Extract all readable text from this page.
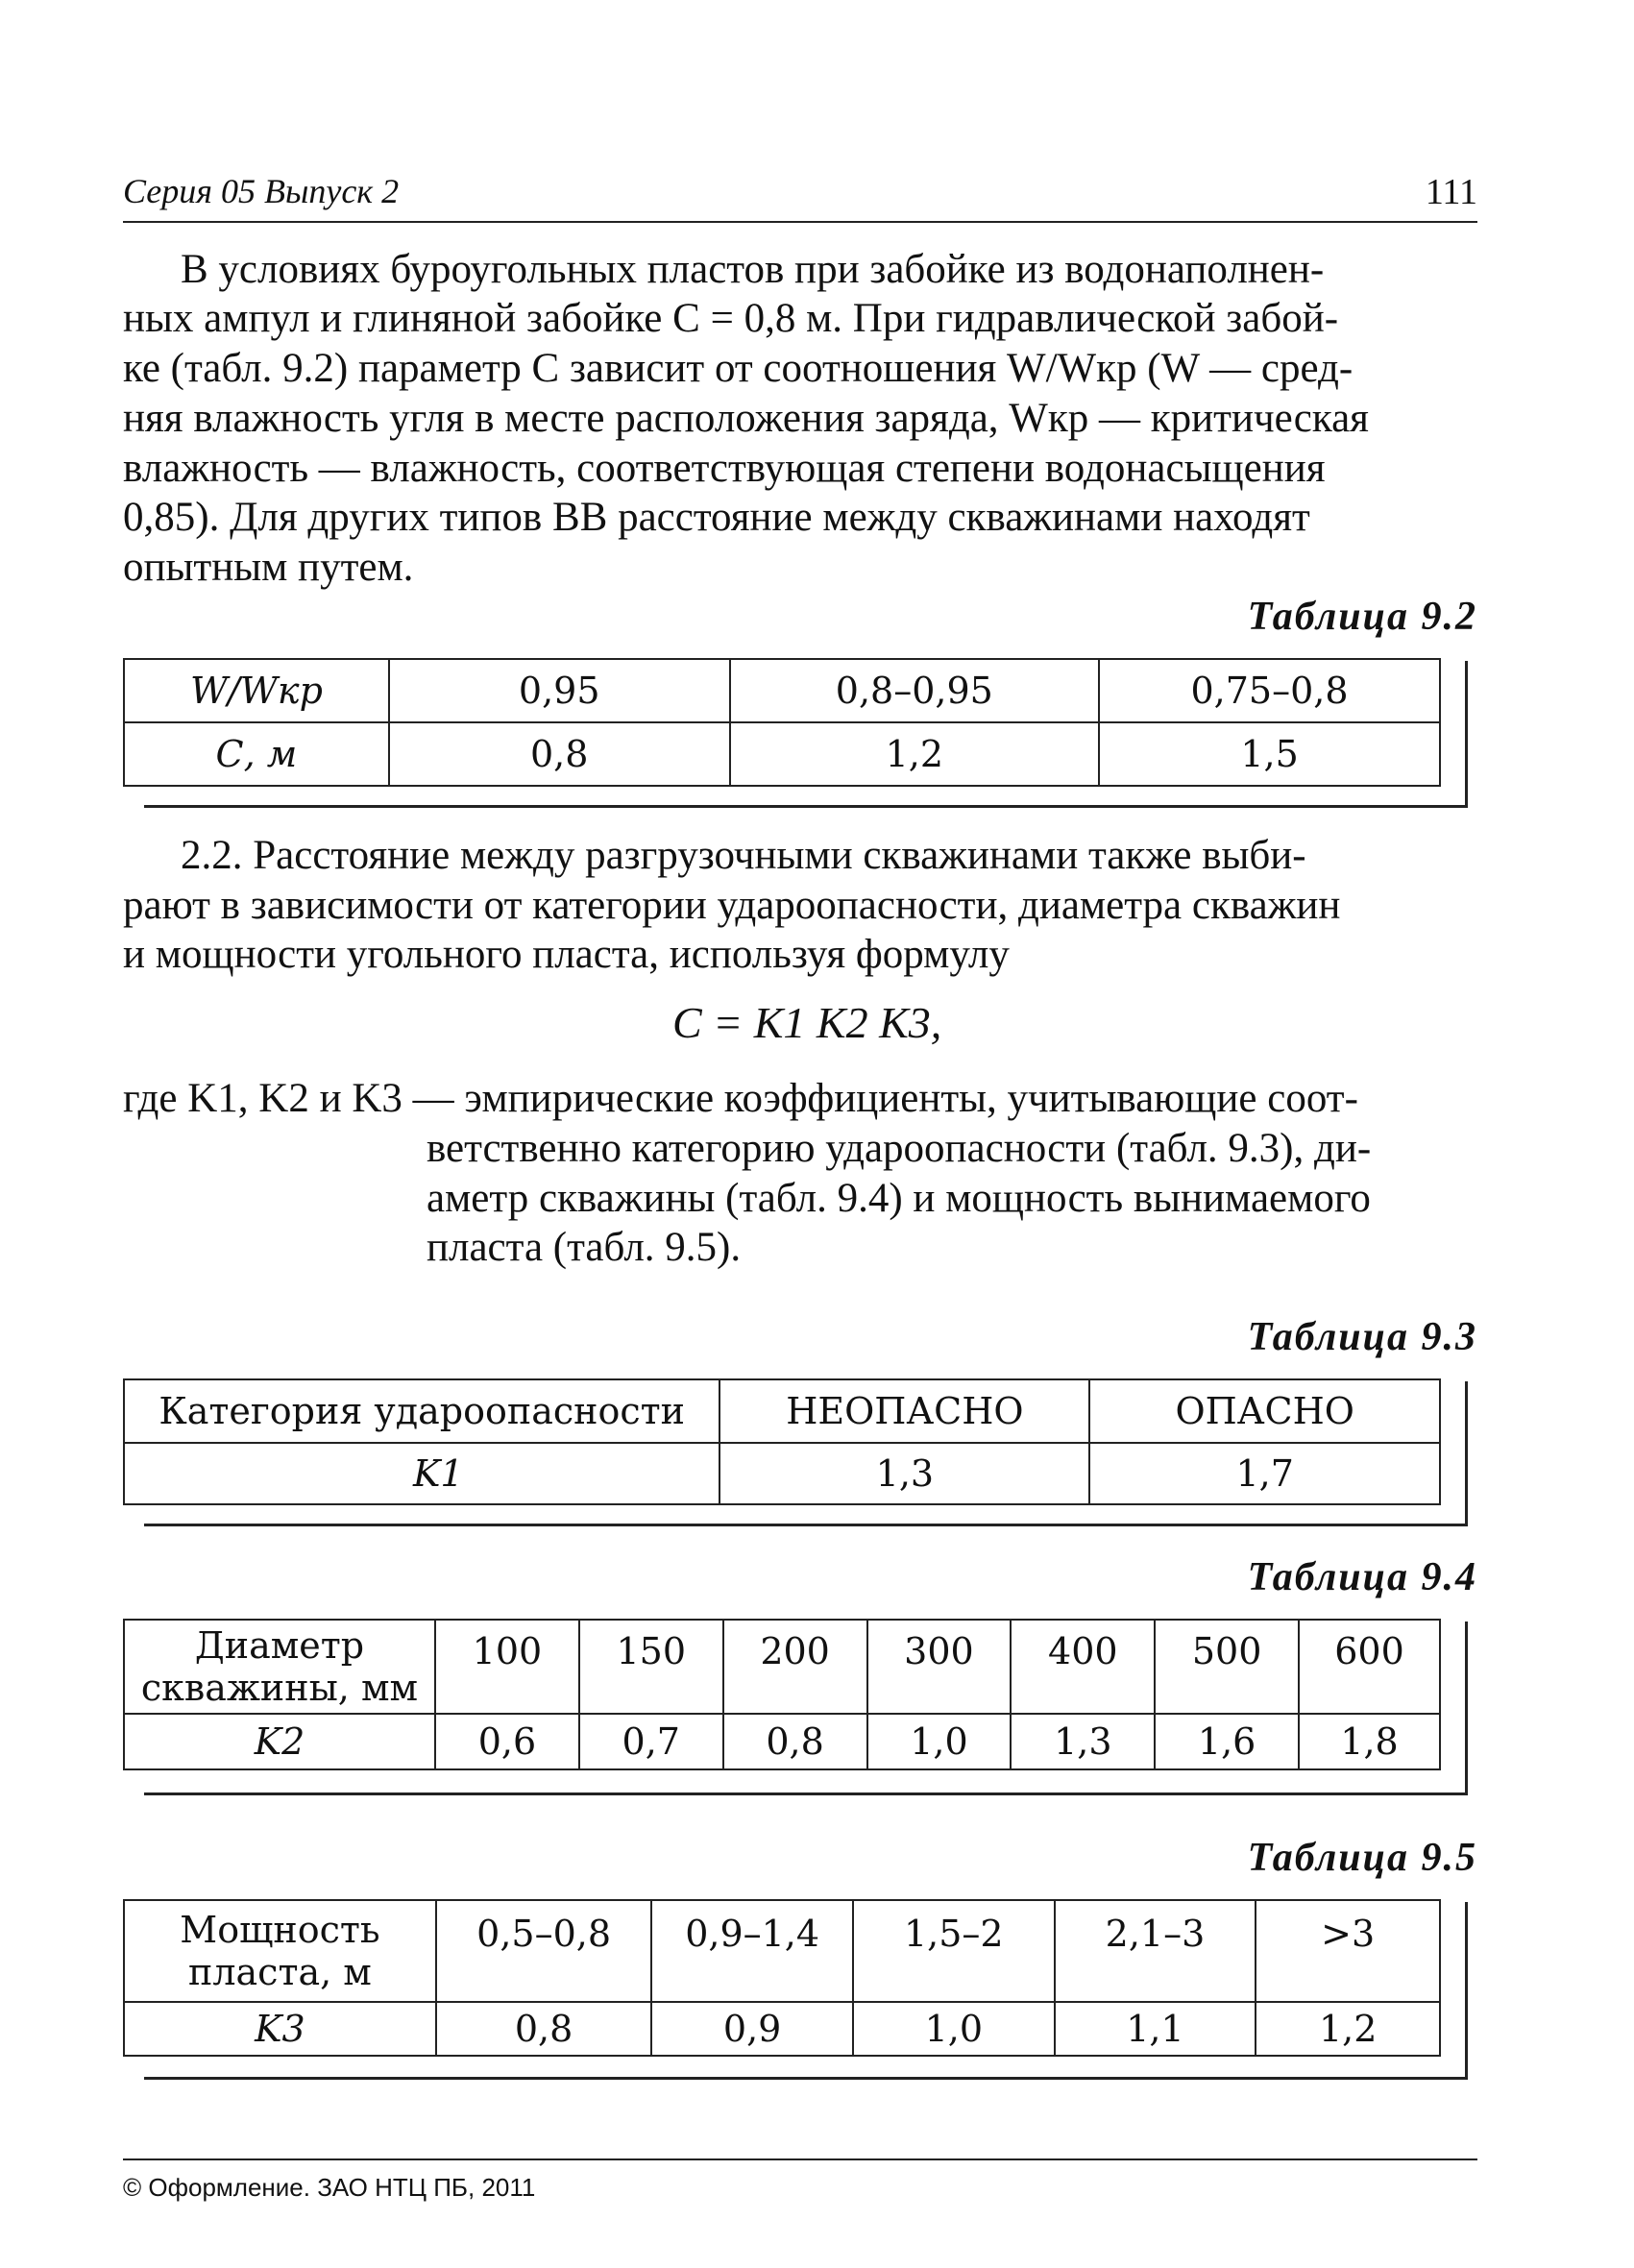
Серия 05 Выпуск 2	111
В условиях буроугольных пластов при забойке из водонаполнен-
ных ампул и глиняной забойке С = 0,8 м. При гидравлической забой-
ке (табл. 9.2) параметр С зависит от соотношения W/Wкр (W — сред-
няя влажность угля в месте расположения заряда, Wкр — критическая
влажность — влажность, соответствующая степени водонасыщения
0,85). Для других типов ВВ расстояние между скважинами находят
опытным путем.
Таблица 9.2
W/Wкр	0,95	0,8–0,95	0,75–0,8
С, м	0,8	1,2	1,5
2.2. Расстояние между разгрузочными скважинами также выби-
рают в зависимости от категории удароопасности, диаметра скважин
и мощности угольного пласта, используя формулу
C = K1 K2 K3,
где K1, K2 и K3 — эмпирические коэффициенты, учитывающие соот-
ветственно категорию удароопасности (табл. 9.3), ди-
аметр скважины (табл. 9.4) и мощность вынимаемого
пласта (табл. 9.5).
Таблица 9.3
Категория удароопасности	НЕОПАСНО	ОПАСНО
K1	1,3	1,7
Таблица 9.4
Диаметр
скважины, мм	100	150	200	300	400	500	600
K2	0,6	0,7	0,8	1,0	1,3	1,6	1,8
Таблица 9.5
Мощность
пласта, м	0,5–0,8	0,9–1,4	1,5–2	2,1–3	>3
K3	0,8	0,9	1,0	1,1	1,2
© Оформление. ЗАО НТЦ ПБ, 2011
